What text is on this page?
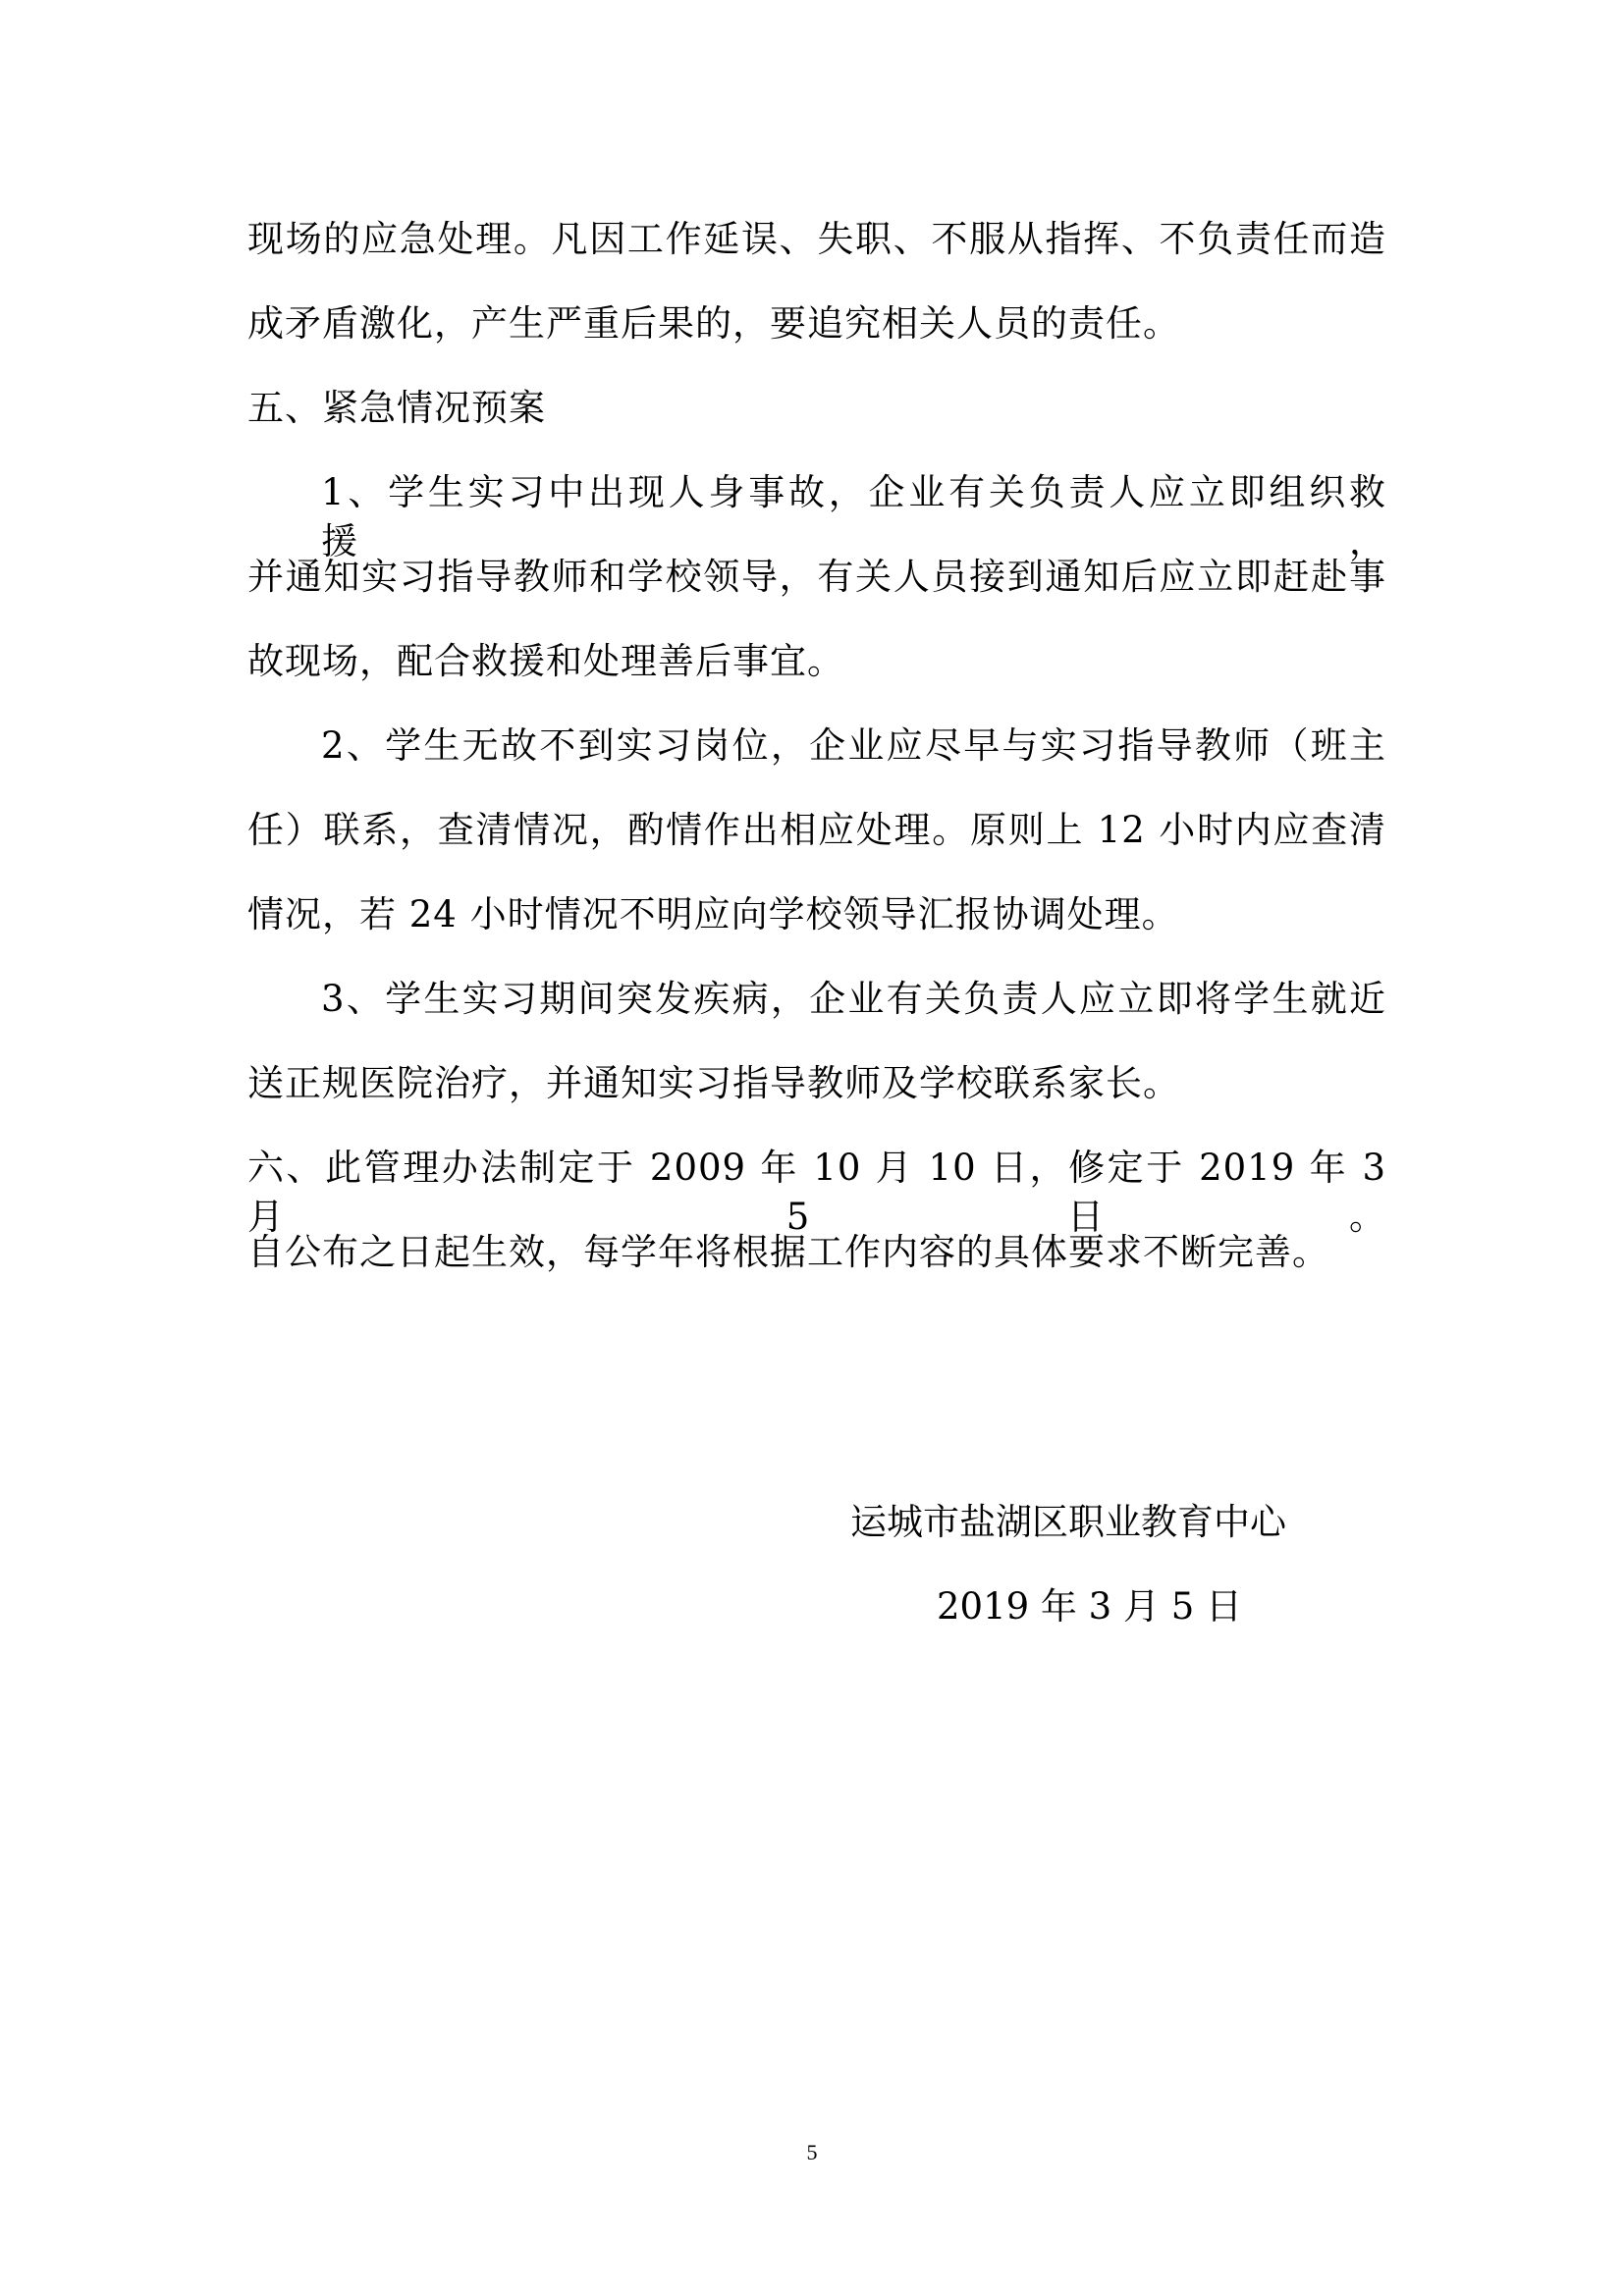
现场的应急处理。凡因工作延误、失职、不服从指挥、不负责任而造
成矛盾激化，产生严重后果的，要追究相关人员的责任。
五、紧急情况预案
1、学生实习中出现人身事故，企业有关负责人应立即组织救援，
并通知实习指导教师和学校领导，有关人员接到通知后应立即赶赴事
故现场，配合救援和处理善后事宜。
2、学生无故不到实习岗位，企业应尽早与实习指导教师（班主
任）联系，查清情况，酌情作出相应处理。原则上 12 小时内应查清
情况，若 24 小时情况不明应向学校领导汇报协调处理。
3、学生实习期间突发疾病，企业有关负责人应立即将学生就近
送正规医院治疗，并通知实习指导教师及学校联系家长。
六、此管理办法制定于 2009 年 10 月 10 日，修定于 2019 年 3 月 5 日。
自公布之日起生效，每学年将根据工作内容的具体要求不断完善。
运城市盐湖区职业教育中心
2019 年 3 月 5 日
5
